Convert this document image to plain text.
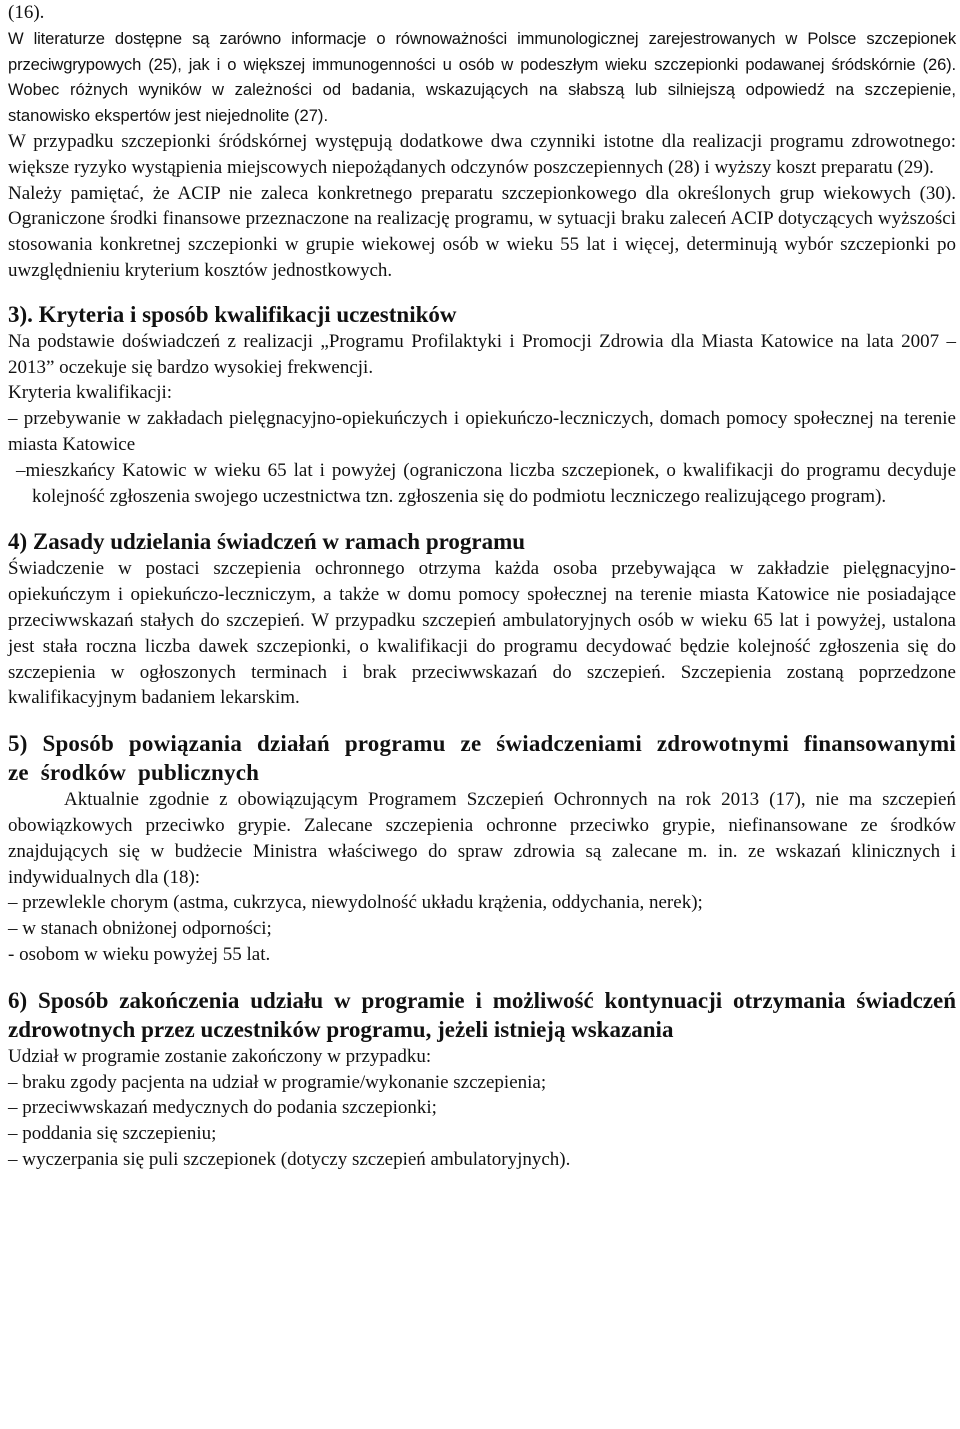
(16).

W literaturze dostępne są zarówno informacje o równoważności immunologicznej zarejestrowanych w Polsce szczepionek przeciwgrypowych (25), jak i o większej immunogenności u osób w podeszłym wieku szczepionki podawanej śródskórnie (26). Wobec różnych wyników w zależności od badania, wskazujących na słabszą lub silniejszą odpowiedź na szczepienie, stanowisko ekspertów jest niejednolite (27).

W przypadku szczepionki śródskórnej występują dodatkowe dwa czynniki istotne dla realizacji programu zdrowotnego: większe ryzyko wystąpienia miejscowych niepożądanych odczynów poszczepiennych (28) i wyższy koszt preparatu (29).

Należy pamiętać, że ACIP nie zaleca konkretnego preparatu szczepionkowego dla określonych grup wiekowych (30). Ograniczone środki finansowe przeznaczone na realizację programu, w sytuacji braku zaleceń ACIP dotyczących wyższości stosowania konkretnej szczepionki w grupie wiekowej osób w wieku 55 lat i więcej, determinują wybór szczepionki po uwzględnieniu kryterium kosztów jednostkowych.

3). Kryteria i sposób kwalifikacji uczestników

Na podstawie doświadczeń z realizacji „Programu Profilaktyki i Promocji Zdrowia dla Miasta Katowice na lata 2007 – 2013” oczekuje się bardzo wysokiej frekwencji.

Kryteria kwalifikacji:

– przebywanie w zakładach pielęgnacyjno-opiekuńczych i opiekuńczo-leczniczych, domach pomocy społecznej na terenie miasta Katowice
–mieszkańcy Katowic w wieku 65 lat i powyżej (ograniczona liczba szczepionek, o kwalifikacji do programu decyduje kolejność zgłoszenia swojego uczestnictwa tzn. zgłoszenia się do podmiotu leczniczego realizującego program).
4) Zasady udzielania świadczeń w ramach programu

Świadczenie w postaci szczepienia ochronnego otrzyma każda osoba przebywająca w zakładzie pielęgnacyjno-opiekuńczym i opiekuńczo-leczniczym, a także w domu pomocy społecznej na terenie miasta Katowice nie posiadające przeciwwskazań stałych do szczepień. W przypadku szczepień ambulatoryjnych osób w wieku 65 lat i powyżej, ustalona jest stała roczna liczba dawek szczepionki, o kwalifikacji do programu decydować będzie kolejność zgłoszenia się do szczepienia w ogłoszonych terminach i brak przeciwwskazań do szczepień. Szczepienia zostaną poprzedzone kwalifikacyjnym badaniem lekarskim.

5) Sposób powiązania działań programu ze świadczeniami zdrowotnymi finansowanymi ze środków publicznych

Aktualnie zgodnie z obowiązującym Programem Szczepień Ochronnych na rok 2013 (17), nie ma szczepień obowiązkowych przeciwko grypie. Zalecane szczepienia ochronne przeciwko grypie, niefinansowane ze środków znajdujących się w budżecie Ministra właściwego do spraw zdrowia są zalecane m. in. ze wskazań klinicznych i indywidualnych dla (18):

– przewlekle chorym (astma, cukrzyca, niewydolność układu krążenia, oddychania, nerek);
– w stanach obniżonej odporności;
- osobom w wieku powyżej 55 lat.
6) Sposób zakończenia udziału w programie i możliwość kontynuacji otrzymania świadczeń zdrowotnych przez uczestników programu, jeżeli istnieją wskazania

Udział w programie zostanie zakończony w przypadku:

– braku zgody pacjenta na udział w programie/wykonanie szczepienia;
– przeciwwskazań medycznych do podania szczepionki;
– poddania się szczepieniu;
– wyczerpania się puli szczepionek (dotyczy szczepień ambulatoryjnych).
